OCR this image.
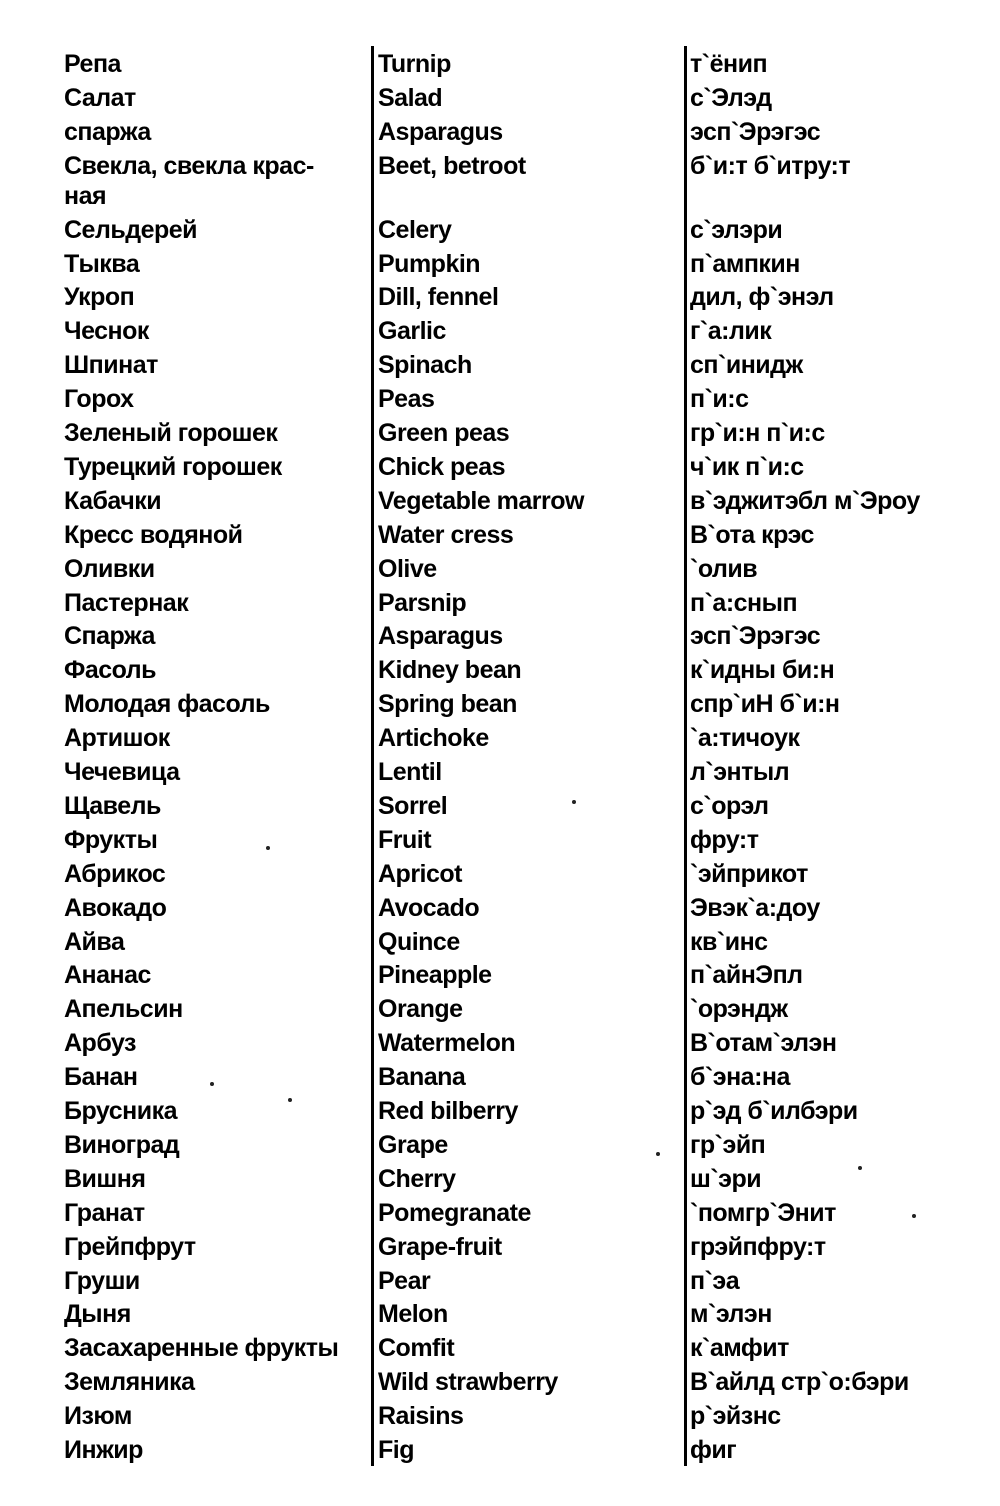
Репа
Салат
спаржа
Свекла, свекла крас-ная
Сельдерей
Тыква
Укроп
Чеснок
Шпинат
Горох
Зеленый горошек
Турецкий горошек
Кабачки
Кресс водяной
Оливки
Пастернак
Спаржа
Фасоль
Молодая фасоль
Артишок
Чечевица
Щавель
Фрукты
Абрикос
Авокадо
Айва
Ананас
Апельсин
Арбуз
Банан
Брусника
Виноград
Вишня
Гранат
Грейпфрут
Груши
Дыня
Засахаренные фрукты
Земляника
Изюм
Инжир
Turnip
Salad
Asparagus
Beet, betroot
Celery
Pumpkin
Dill, fennel
Garlic
Spinach
Peas
Green peas
Chick peas
Vegetable marrow
Water cress
Olive
Parsnip
Asparagus
Kidney bean
Spring bean
Artichoke
Lentil
Sorrel
Fruit
Apricot
Avocado
Quince
Pineapple
Orange
Watermelon
Banana
Red bilberry
Grape
Cherry
Pomegranate
Grape-fruit
Pear
Melon
Comfit
Wild strawberry
Raisins
Fig
т`ёнип
с`Элэд
эсп`Эрэгэс
б`и:т б`итру:т
с`элэри
п`ампкин
дил, ф`энэл
г`а:лик
сп`инидж
п`и:с
гр`и:н п`и:с
ч`ик п`и:с
в`эджитэбл м`Эроу
В`ота крэс
`олив
п`а:снып
эсп`Эрэгэс
к`идны би:н
спр`иН б`и:н
`а:тичоук
л`энтыл
с`орэл
фру:т
`эйприкот
Эвэк`а:доу
кв`инс
п`айнЭпл
`орэндж
В`отам`элэн
б`эна:на
р`эд б`илбэри
гр`эйп
ш`эри
`помгр`Энит
грэйпфру:т
п`эа
м`элэн
к`амфит
В`айлд стр`о:бэри
р`эйзнс
фиг
